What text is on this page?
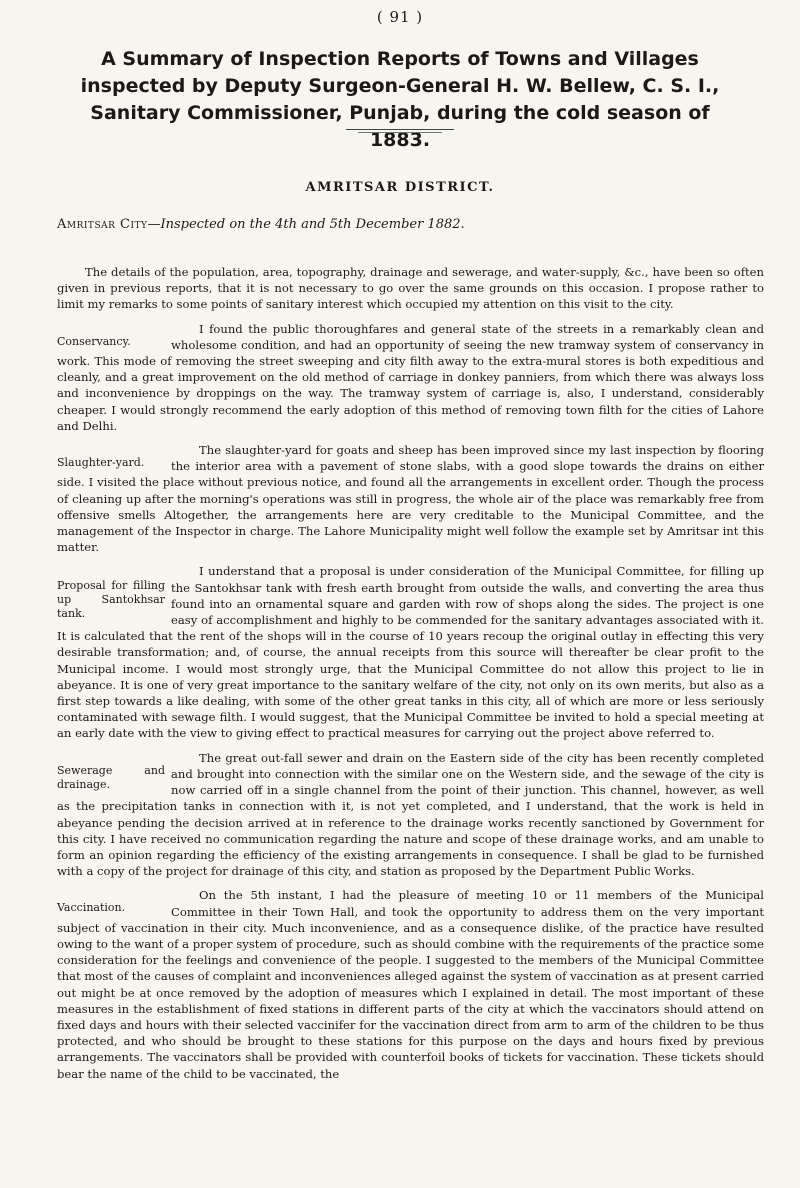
( 91 )
A Summary of Inspection Reports of Towns and Villages inspected by Deputy Surgeon-General H. W. Bellew, C. S. I., Sanitary Commissioner, Punjab, during the cold season of 1883.
AMRITSAR DISTRICT.

Amritsar City—Inspected on the 4th and 5th December 1882.

The details of the population, area, topography, drainage and sewerage, and water-supply, &c., have been so often given in previous reports, that it is not necessary to go over the same grounds on this occasion. I propose rather to limit my remarks to some points of sanitary interest which occupied my attention on this visit to the city.

Conservancy.
I found the public thoroughfares and general state of the streets in a remarkably clean and wholesome condition, and had an opportunity of seeing the new tramway system of conservancy in work. This mode of removing the street sweeping and city filth away to the extra-mural stores is both expeditious and cleanly, and a great improvement on the old method of carriage in donkey panniers, from which there was always loss and inconvenience by droppings on the way. The tramway system of carriage is, also, I understand, considerably cheaper. I would strongly recommend the early adoption of this method of removing town filth for the cities of Lahore and Delhi.

Slaughter-yard.
The slaughter-yard for goats and sheep has been improved since my last inspection by flooring the interior area with a pavement of stone slabs, with a good slope towards the drains on either side. I visited the place without previous notice, and found all the arrangements in excellent order. Though the process of cleaning up after the morning's operations was still in progress, the whole air of the place was remarkably free from offensive smells Altogether, the arrangements here are very creditable to the Municipal Committee, and the management of the Inspector in charge. The Lahore Municipality might well follow the example set by Amritsar int this matter.

Proposal for filling up Santokhsar tank.
I understand that a proposal is under consideration of the Municipal Committee, for filling up the Santokhsar tank with fresh earth brought from outside the walls, and converting the area thus found into an ornamental square and garden with row of shops along the sides. The project is one easy of accomplishment and highly to be commended for the sanitary advantages associated with it. It is calculated that the rent of the shops will in the course of 10 years recoup the original outlay in effecting this very desirable transformation; and, of course, the annual receipts from this source will thereafter be clear profit to the Municipal income. I would most strongly urge, that the Municipal Committee do not allow this project to lie in abeyance. It is one of very great importance to the sanitary welfare of the city, not only on its own merits, but also as a first step towards a like dealing, with some of the other great tanks in this city, all of which are more or less seriously contaminated with sewage filth. I would suggest, that the Municipal Committee be invited to hold a special meeting at an early date with the view to giving effect to practical measures for carrying out the project above referred to.

Sewerage and drainage.
The great out-fall sewer and drain on the Eastern side of the city has been recently completed and brought into connection with the similar one on the Western side, and the sewage of the city is now carried off in a single channel from the point of their junction. This channel, however, as well as the precipitation tanks in connection with it, is not yet completed, and I understand, that the work is held in abeyance pending the decision arrived at in reference to the drainage works recently sanctioned by Government for this city. I have received no communication regarding the nature and scope of these drainage works, and am unable to form an opinion regarding the efficiency of the existing arrangements in consequence. I shall be glad to be furnished with a copy of the project for drainage of this city, and station as proposed by the Department Public Works.

Vaccination.
On the 5th instant, I had the pleasure of meeting 10 or 11 members of the Municipal Committee in their Town Hall, and took the opportunity to address them on the very important subject of vaccination in their city. Much inconvenience, and as a consequence dislike, of the practice have resulted owing to the want of a proper system of procedure, such as should combine with the requirements of the practice some consideration for the feelings and convenience of the people. I suggested to the members of the Municipal Committee that most of the causes of complaint and inconveniences alleged against the system of vaccination as at present carried out might be at once removed by the adoption of measures which I explained in detail. The most important of these measures in the establishment of fixed stations in different parts of the city at which the vaccinators should attend on fixed days and hours with their selected vaccinifer for the vaccination direct from arm to arm of the children to be thus protected, and who should be brought to these stations for this purpose on the days and hours fixed by previous arrangements. The vaccinators shall be provided with counterfoil books of tickets for vaccination. These tickets should bear the name of the child to be vaccinated, the
